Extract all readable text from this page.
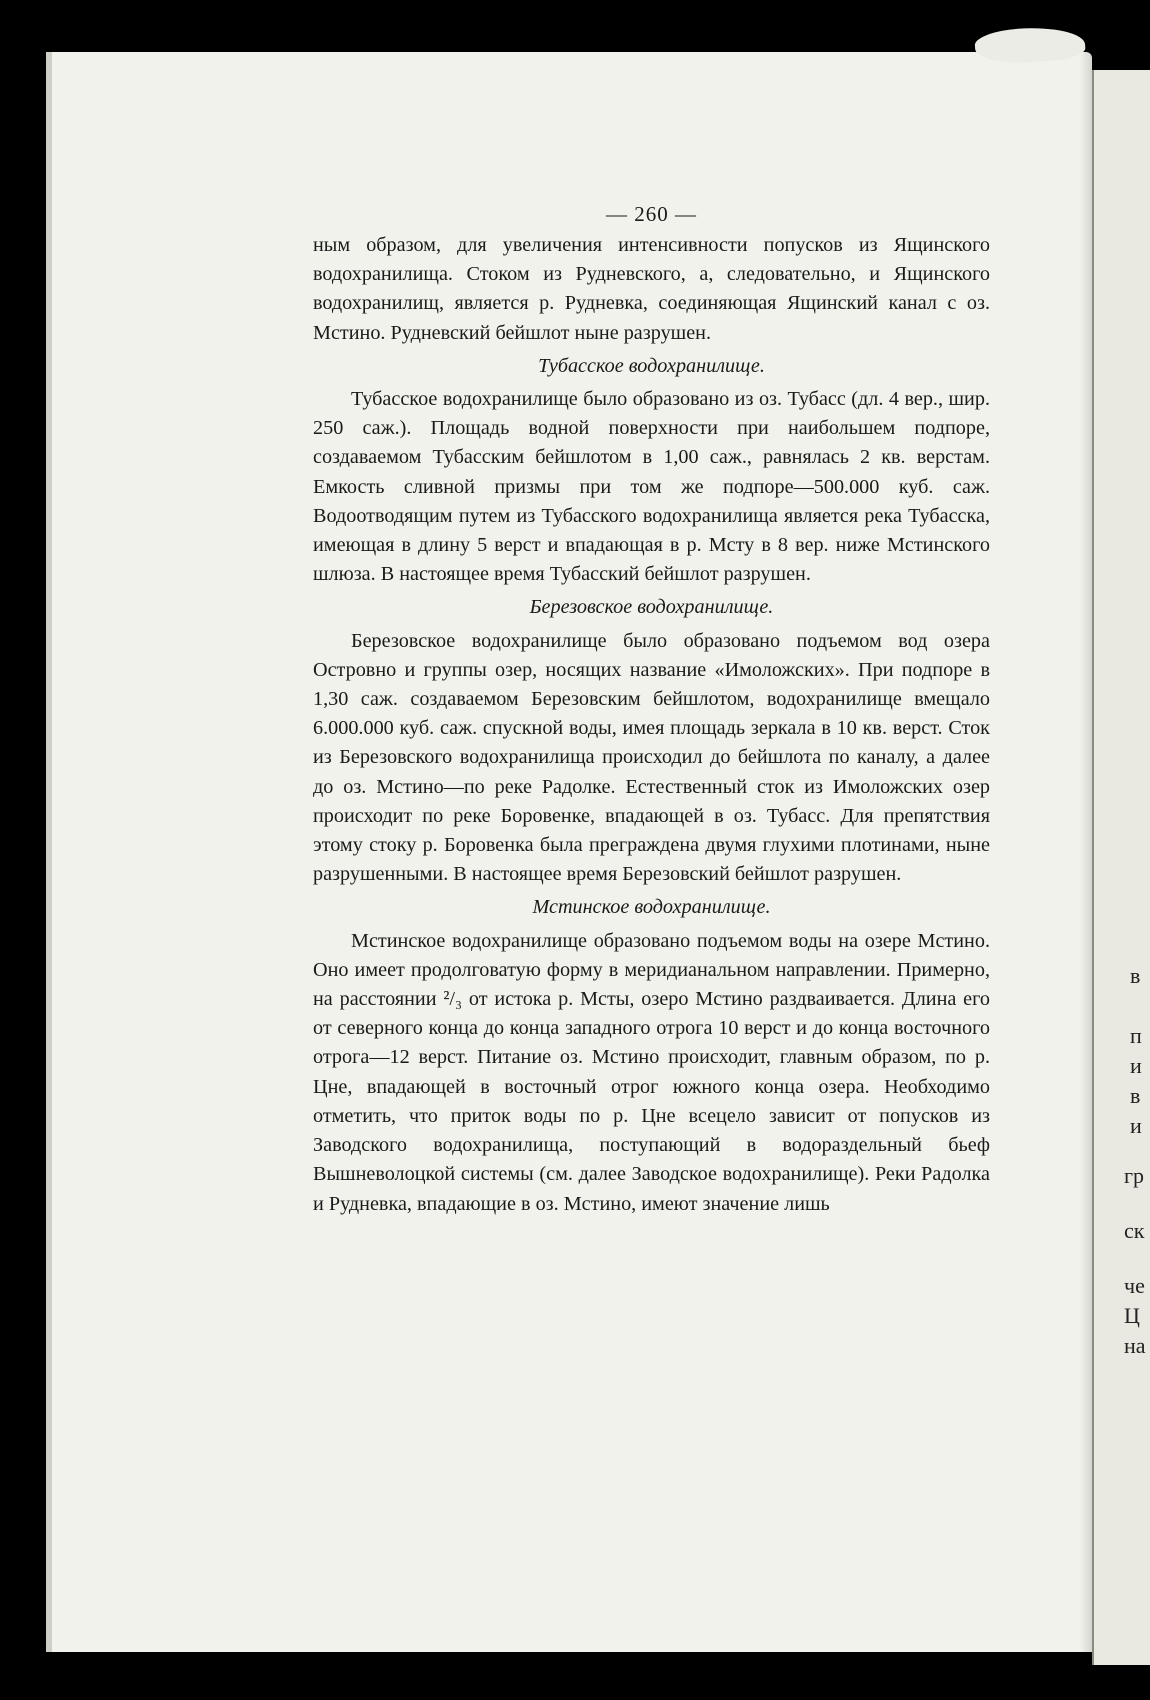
в
п
и
в
и
гр
ск
че
Ц
на
— 260 —

ным образом, для увеличения интенсивности попусков из Ящинского водохранилища. Стоком из Рудневского, а, следовательно, и Ящинского водохранилищ, является р. Рудневка, соединяющая Ящинский канал с оз. Мстино. Рудневский бейшлот ныне разрушен.

Тубасское водохранилище.

Тубасское водохранилище было образовано из оз. Тубасс (дл. 4 вер., шир. 250 саж.). Площадь водной поверхности при наибольшем подпоре, создаваемом Тубасским бейшлотом в 1,00 саж., равнялась 2 кв. верстам. Емкость сливной призмы при том же подпоре—500.000 куб. саж. Водоотводящим путем из Тубасского водохранилища является река Тубасска, имеющая в длину 5 верст и впадающая в р. Мсту в 8 вер. ниже Мстинского шлюза. В настоящее время Тубасский бейшлот разрушен.

Березовское водохранилище.

Березовское водохранилище было образовано подъемом вод озера Островно и группы озер, носящих название «Имоложских». При подпоре в 1,30 саж. создаваемом Березовским бейшлотом, водохранилище вмещало 6.000.000 куб. саж. спускной воды, имея площадь зеркала в 10 кв. верст. Сток из Березовского водохранилища происходил до бейшлота по каналу, а далее до оз. Мстино—по реке Радолке. Естественный сток из Имоложских озер происходит по реке Боровенке, впадающей в оз. Тубасс. Для препятствия этому стоку р. Боровенка была преграждена двумя глухими плотинами, ныне разрушенными. В настоящее время Березовский бейшлот разрушен.

Мстинское водохранилище.

Мстинское водохранилище образовано подъемом воды на озере Мстино. Оно имеет продолговатую форму в меридианальном направлении. Примерно, на расстоянии ²/₃ от истока р. Мсты, озеро Мстино раздваивается. Длина его от северного конца до конца западного отрога 10 верст и до конца восточного отрога—12 верст. Питание оз. Мстино происходит, главным образом, по р. Цне, впадающей в восточный отрог южного конца озера. Необходимо отметить, что приток воды по р. Цне всецело зависит от попусков из Заводского водохранилища, поступающий в водораздельный бьеф Вышневолоцкой системы (см. далее Заводское водохранилище). Реки Радолка и Рудневка, впадающие в оз. Мстино, имеют значение лишь
